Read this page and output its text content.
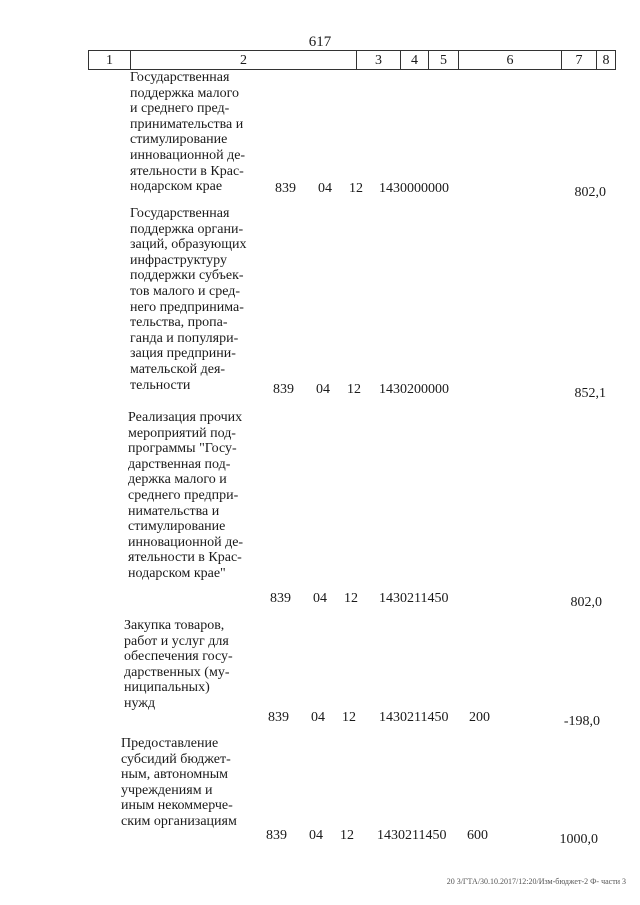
617
1	2	3	4	5	6	7	8
Государственная
поддержка малого
и среднего пред-
принимательства и
стимулирование
инновационной де-
ятельности в Крас-
нодарском крае	839 04 12 1430000000	802,0
Государственная
поддержка органи-
заций, образующих
инфраструктуру
поддержки субъек-
тов малого и сред-
него предпринима-
тельства, пропа-
ганда и популяри-
зация предприни-
мательской дея-
тельности	839 04 12 1430200000	852,1
Реализация прочих
мероприятий под-
программы "Госу-
дарственная под-
держка малого и
среднего предпри-
нимательства и
стимулирование
инновационной де-
ятельности в Крас-
нодарском крае"
839 04 12 1430211450	802,0
Закупка товаров,
работ и услуг для
обеспечения госу-
дарственных (му-
ниципальных)
нужд
839 04 12 1430211450 200	-198,0
Предоставление
субсидий бюджет-
ным, автономным
учреждениям и
иным некоммерче-
ским организациям
839 04 12 1430211450 600	1000,0
20 3/ГТА/30.10.2017/12:20/Изм-бюджет-2 Ф- части 3
